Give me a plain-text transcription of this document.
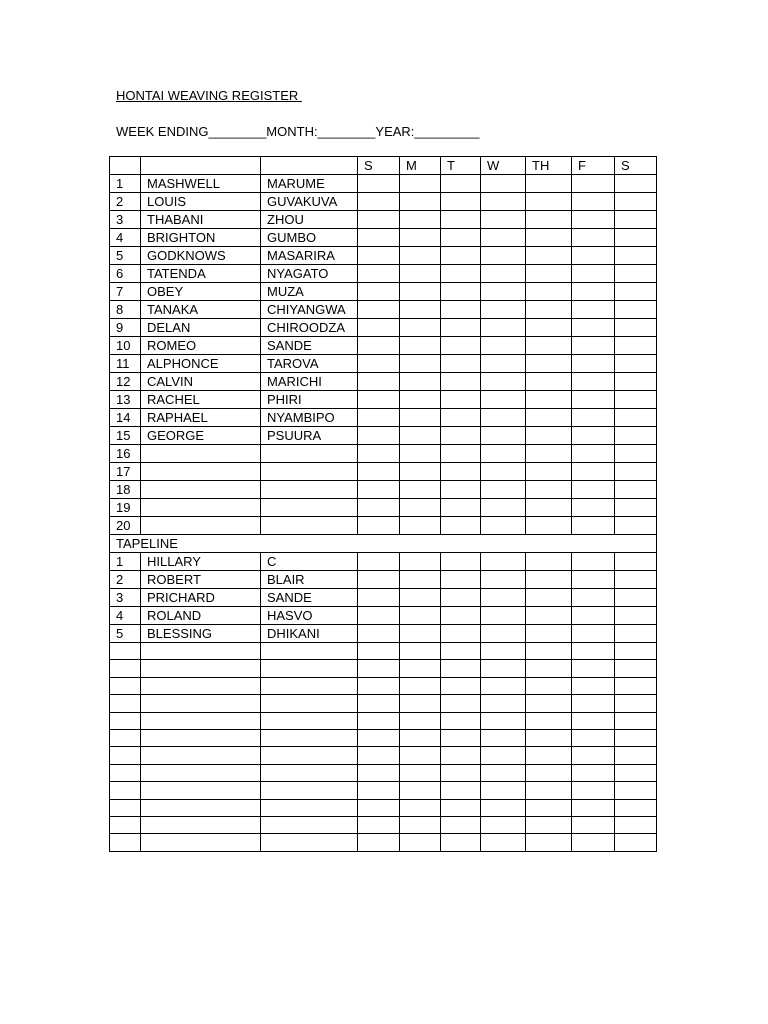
HONTAI WEAVING REGISTER
WEEK ENDING________MONTH:________YEAR:_________
			S	M	T	W	TH	F	S
1	MASHWELL	MARUME							
2	LOUIS	GUVAKUVA							
3	THABANI	ZHOU							
4	BRIGHTON	GUMBO							
5	GODKNOWS	MASARIRA							
6	TATENDA	NYAGATO							
7	OBEY	MUZA							
8	TANAKA	CHIYANGWA							
9	DELAN	CHIROODZA							
10	ROMEO	SANDE							
11	ALPHONCE	TAROVA							
12	CALVIN	MARICHI							
13	RACHEL	PHIRI							
14	RAPHAEL	NYAMBIPO							
15	GEORGE	PSUURA							
16									
17									
18									
19									
20									
TAPELINE									
1	HILLARY	C							
2	ROBERT	BLAIR							
3	PRICHARD	SANDE							
4	ROLAND	HASVO							
5	BLESSING	DHIKANI							
